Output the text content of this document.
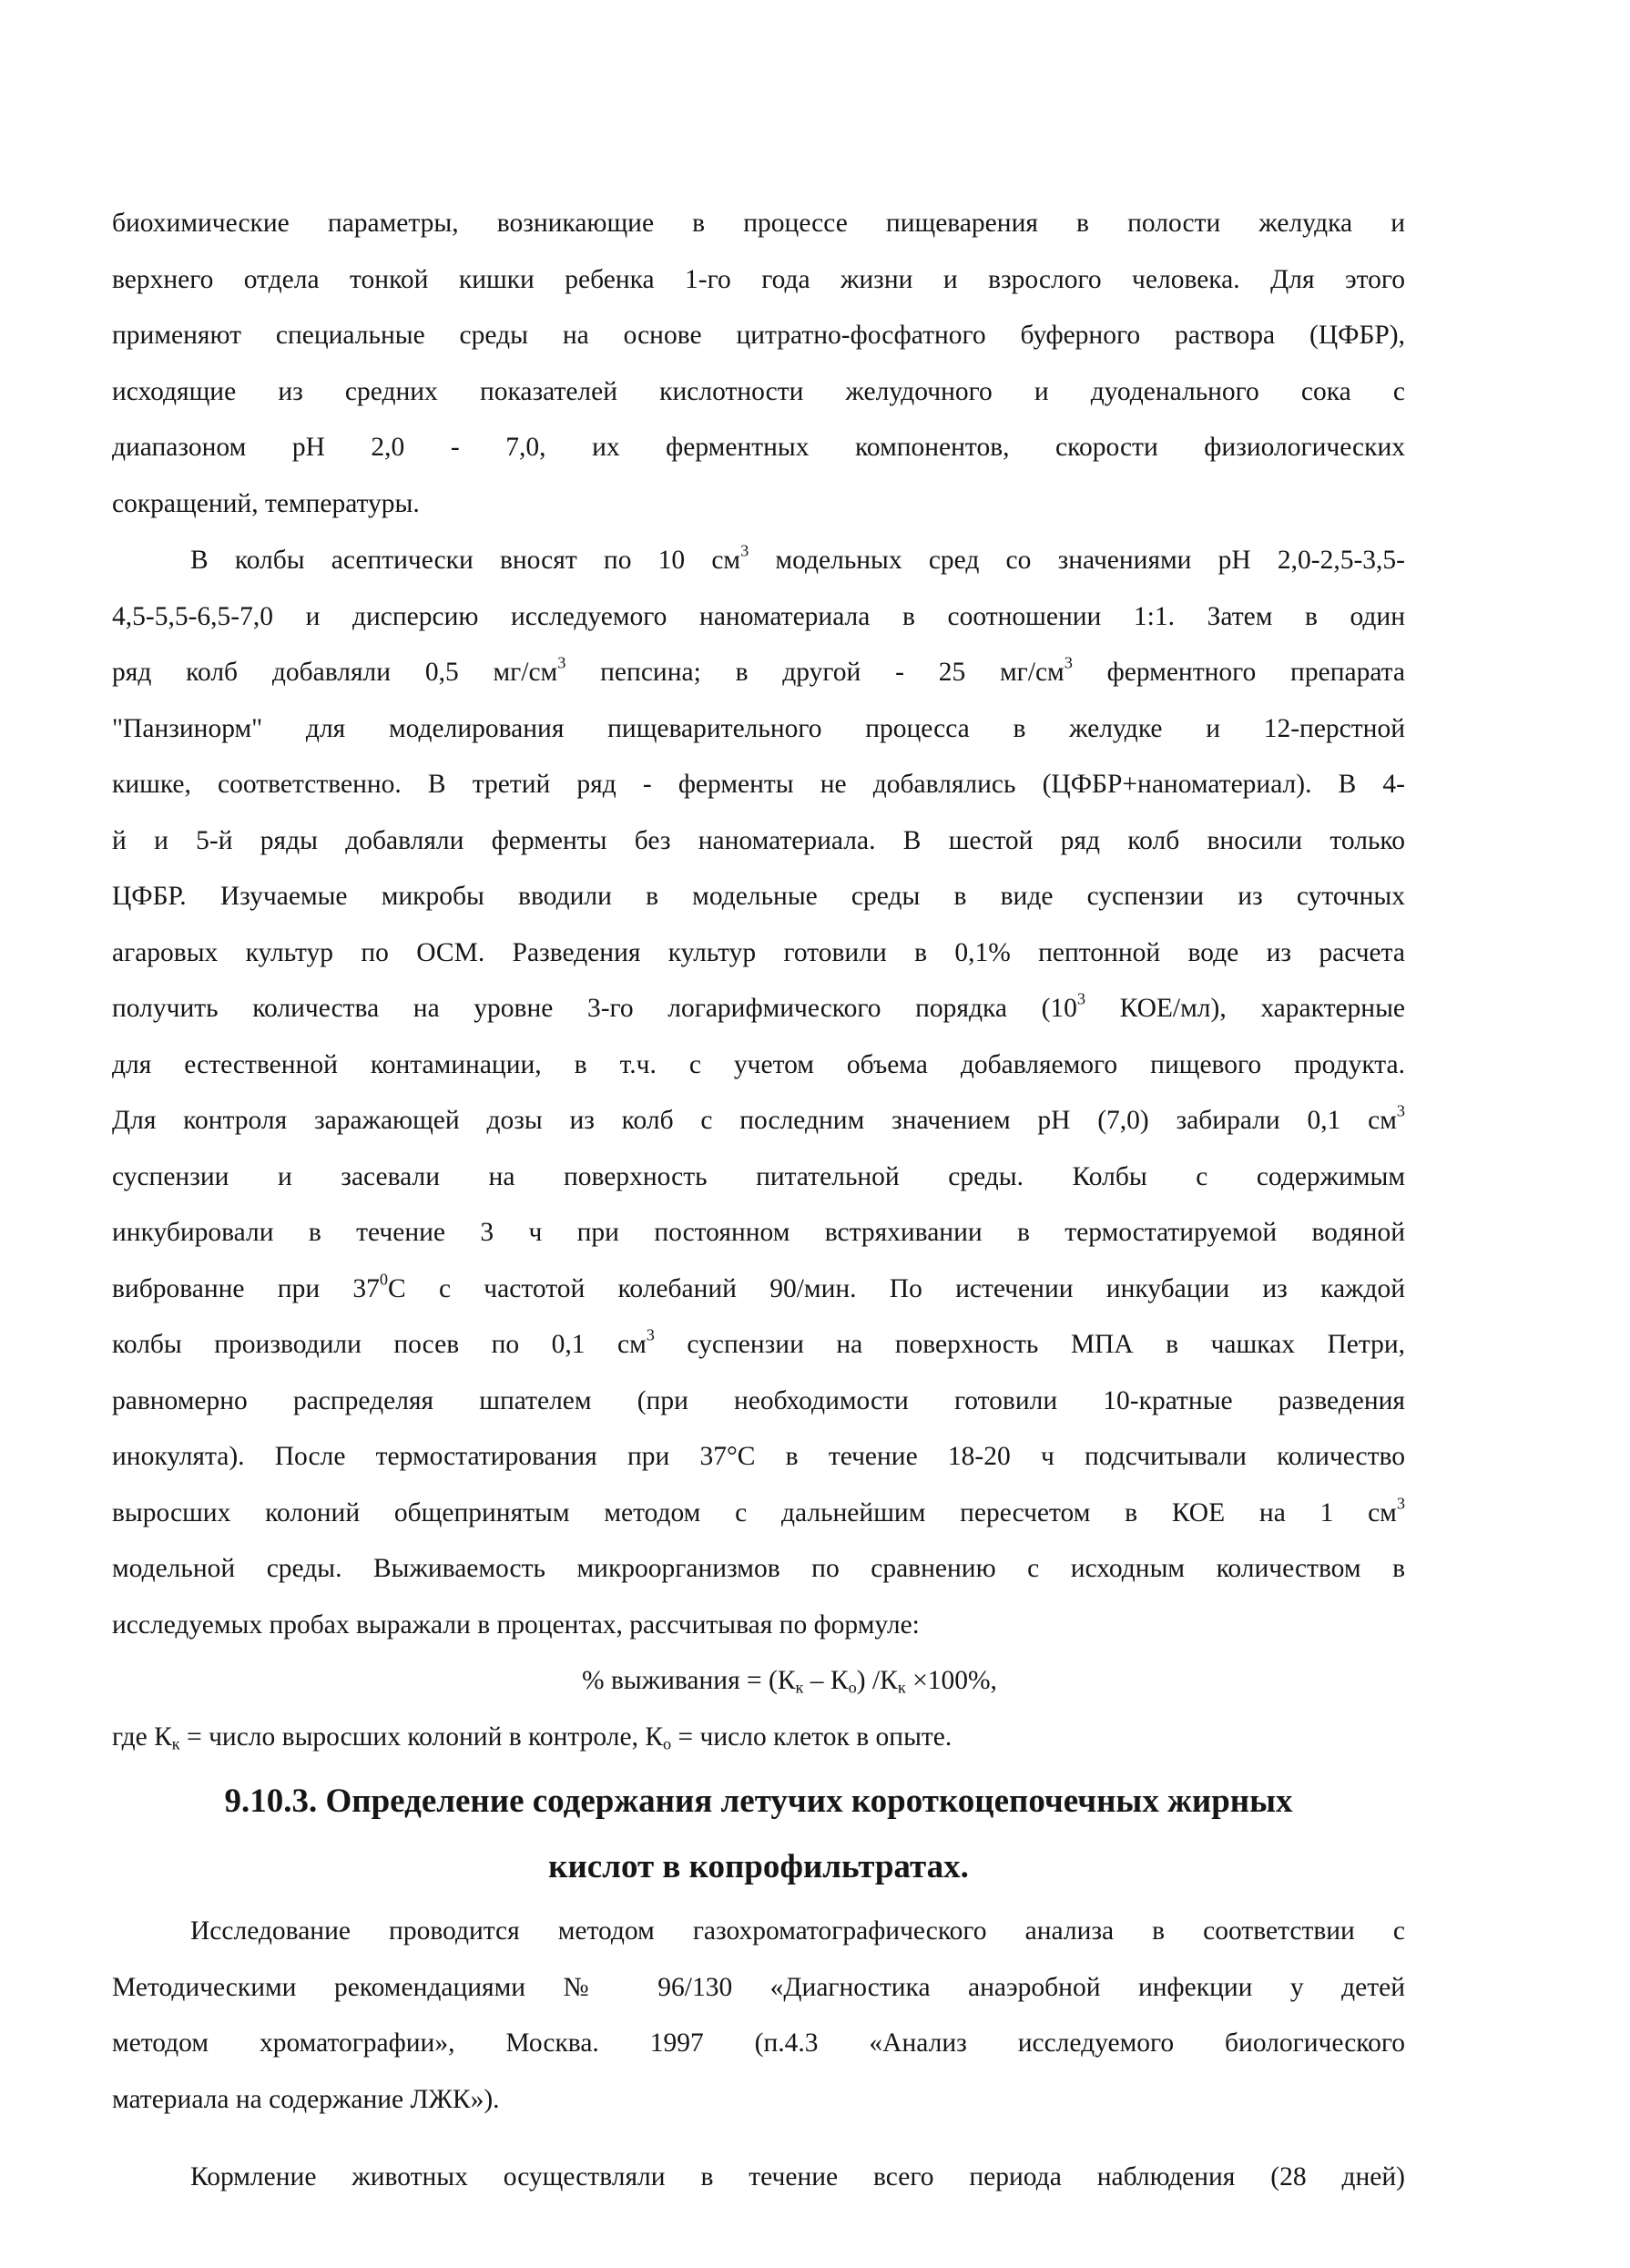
биохимические параметры, возникающие в процессе пищеварения в полости желудка и
верхнего отдела тонкой кишки ребенка 1-го года жизни и взрослого человека. Для этого
применяют специальные среды на основе цитратно-фосфатного буферного раствора (ЦФБР),
исходящие из средних показателей кислотности желудочного и дуоденального сока с
диапазоном pH 2,0 - 7,0, их ферментных компонентов, скорости физиологических
сокращений, температуры.
В колбы асептически вносят по 10 $см^3$ модельных сред со значениями pH 2,0-2,5-3,5-
4,5-5,5-6,5-7,0 и дисперсию исследуемого наноматериала в соотношении 1:1. Затем в один
ряд колб добавляли 0,5 $мг/см^3$ пепсина; в другой - 25 $мг/см^3$ ферментного препарата
"Панзинорм" для моделирования пищеварительного процесса в желудке и 12-перстной
кишке, соответственно. В третий ряд - ферменты не добавлялись (ЦФБР+наноматериал). В 4-
й и 5-й ряды добавляли ферменты без наноматериала. В шестой ряд колб вносили только
ЦФБР. Изучаемые микробы вводили в модельные среды в виде суспензии из суточных
агаровых культур по ОСМ. Разведения культур готовили в 0,1% пептонной воде из расчета
получить количества на уровне 3-го логарифмического порядка ($10^3$ КОЕ/мл), характерные
для естественной контаминации, в т.ч. с учетом объема добавляемого пищевого продукта.
Для контроля заражающей дозы из колб с последним значением pH (7,0) забирали 0,1 $см^3$
суспензии и засевали на поверхность питательной среды. Колбы с содержимым
инкубировали в течение 3 ч при постоянном встряхивании в термостатируемой водяной
виброванне при $37^0С$ с частотой колебаний 90/мин. По истечении инкубации из каждой
колбы производили посев по 0,1 $см^3$ суспензии на поверхность МПА в чашках Петри,
равномерно распределяя шпателем (при необходимости готовили 10-кратные разведения
инокулята). После термостатирования при 37°С в течение 18-20 ч подсчитывали количество
выросших колоний общепринятым методом с дальнейшим пересчетом в КОЕ на 1 $см^3$
модельной среды. Выживаемость микроорганизмов по сравнению с исходным количеством в
исследуемых пробах выражали в процентах, рассчитывая по формуле:
% выживания = $(К_к - К_о)$ $/К_к \times 100\%$,
где $К_к$ = число выросших колоний в контроле, $К_о$ = число клеток в опыте.
9.10.3. Определение содержания летучих короткоцепочечных жирных
кислот в копрофильтратах.
Исследование проводится методом газохроматографического анализа в соответствии с
Методическими рекомендациями № 96/130 «Диагностика анаэробной инфекции у детей
методом хроматографии», Москва. 1997 (п.4.3 «Анализ исследуемого биологического
материала на содержание ЛЖК»).
Кормление животных осуществляли в течение всего периода наблюдения (28 дней)
